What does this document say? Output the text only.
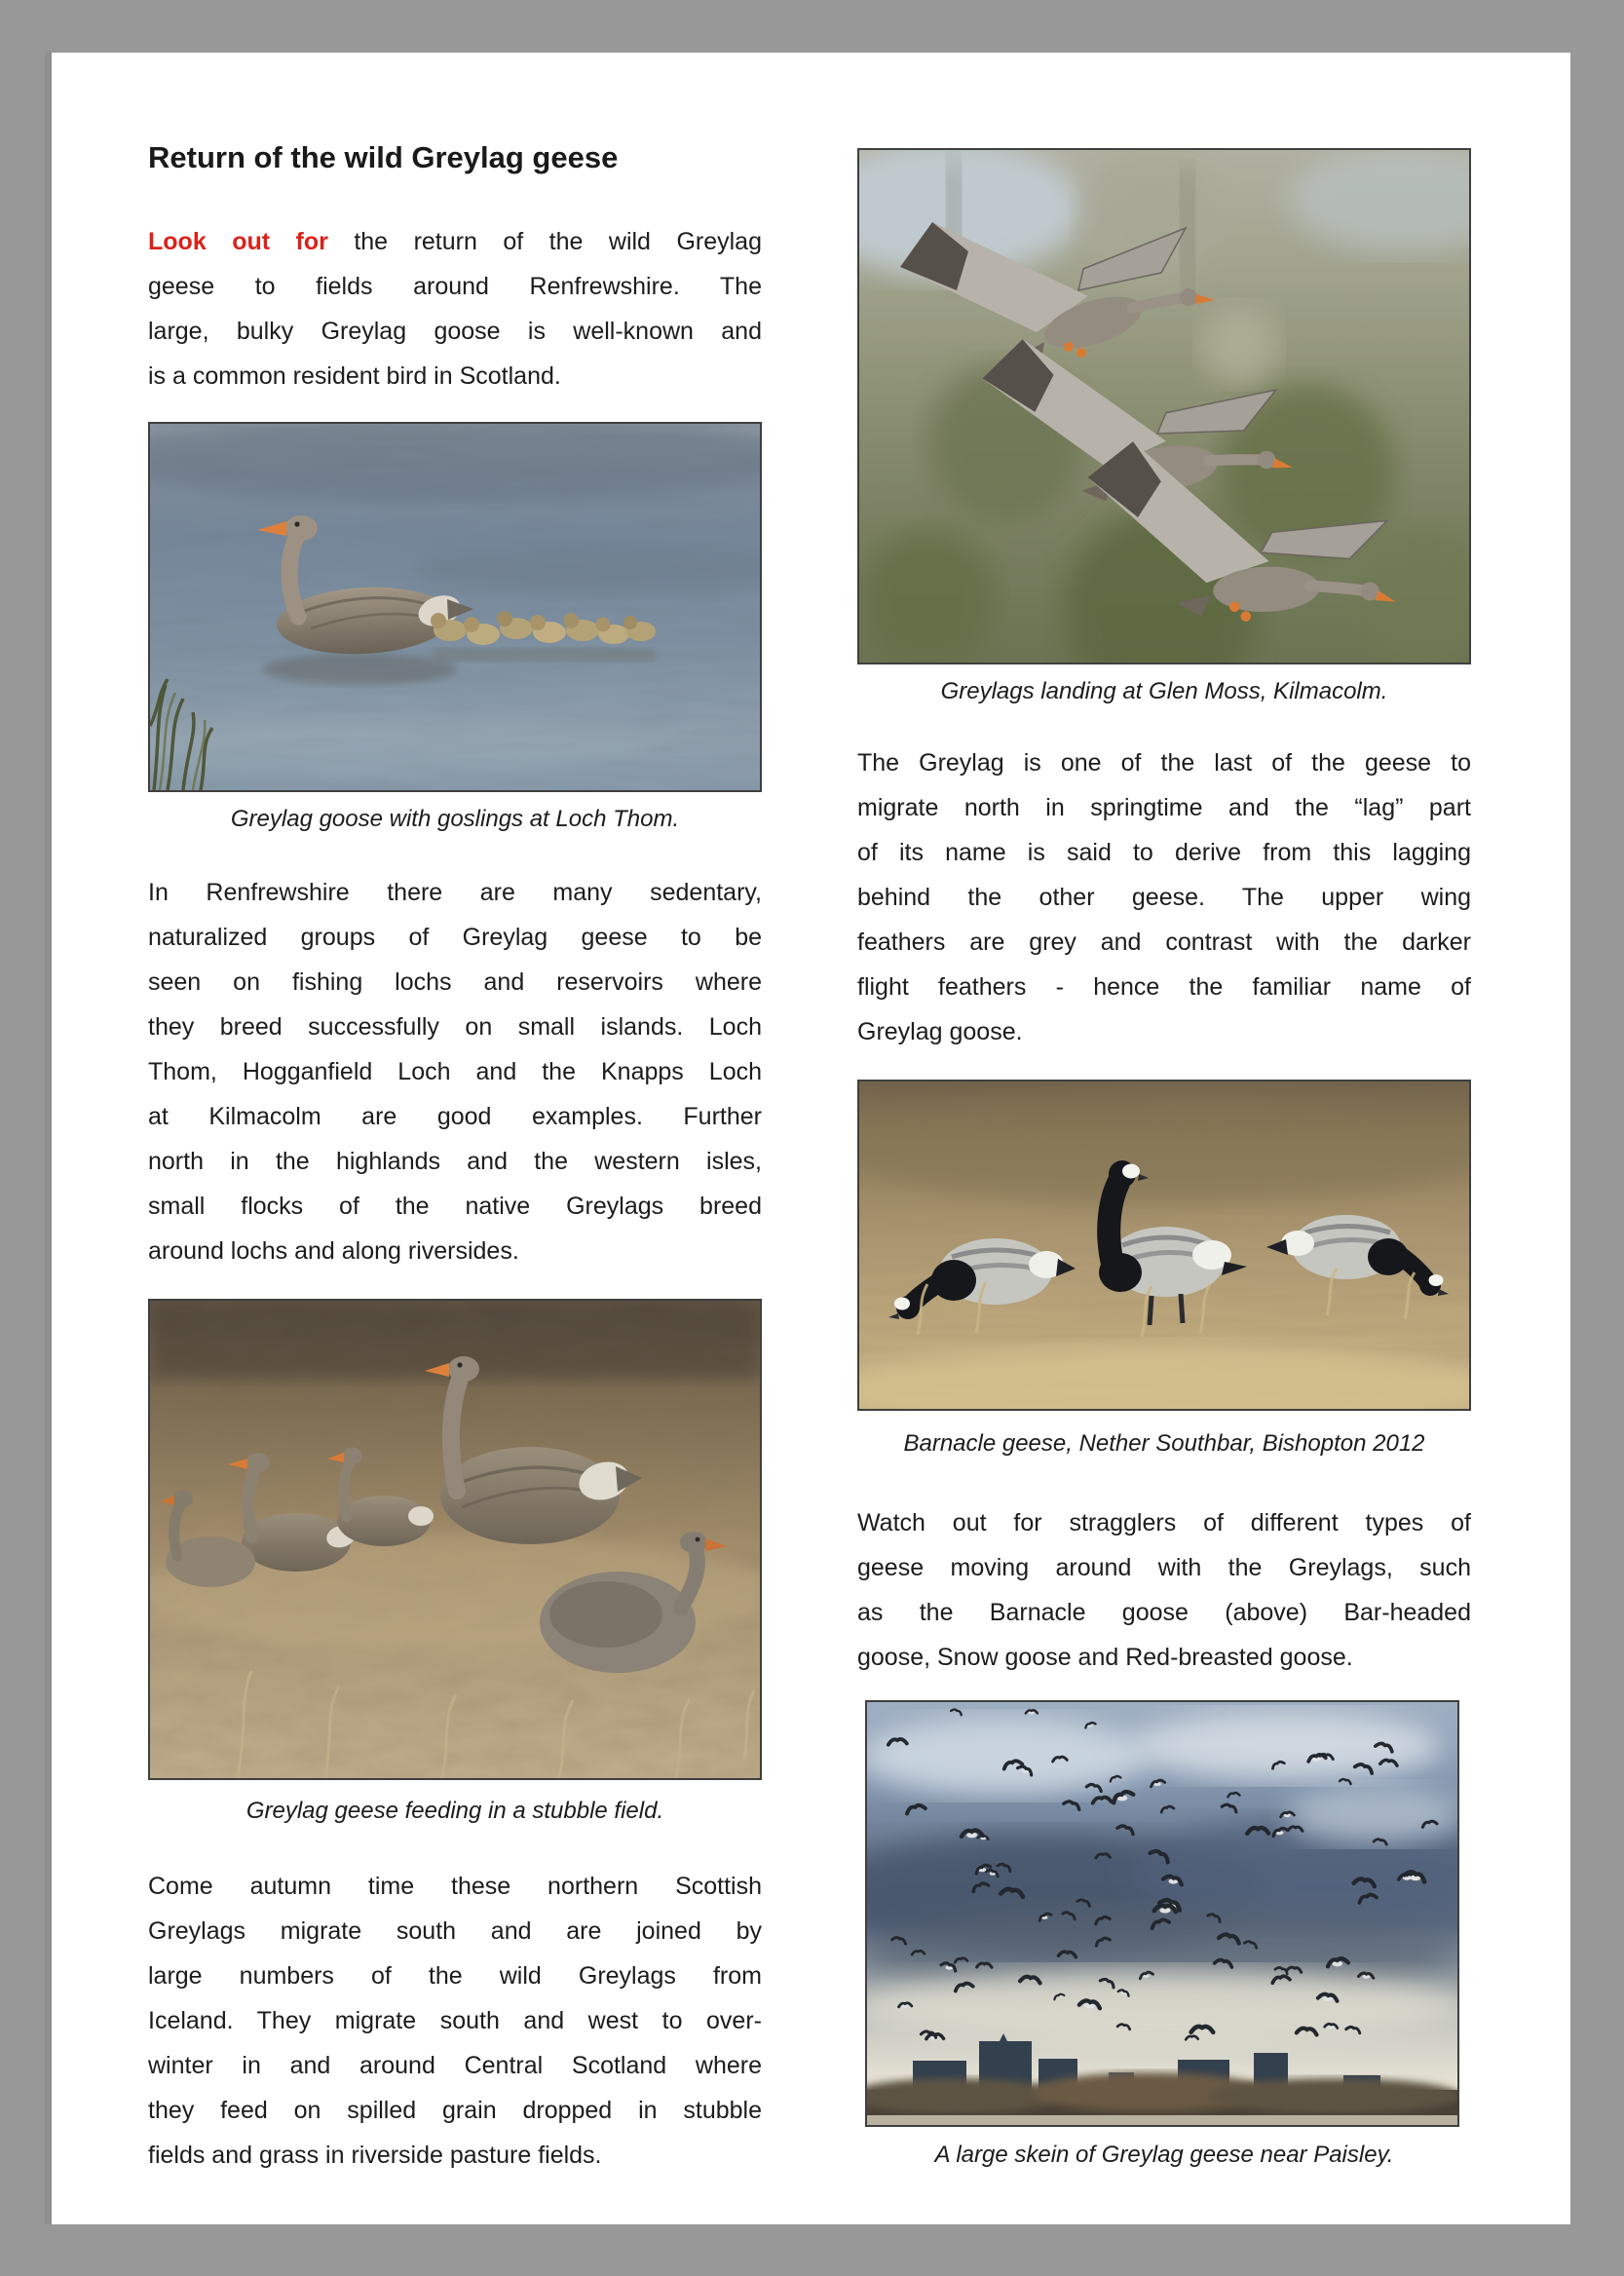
Return of the wild Greylag geese
Look out for the return of the wild Greylag
geese to fields around Renfrewshire. The
large, bulky Greylag goose is well-known and
is a common resident bird in Scotland.
Greylag goose with goslings at Loch Thom.
In Renfrewshire there are many sedentary,
naturalized groups of Greylag geese to be
seen on fishing lochs and reservoirs where
they breed successfully on small islands. Loch
Thom, Hogganfield Loch and the Knapps Loch
at Kilmacolm are good examples. Further
north in the highlands and the western isles,
small flocks of the native Greylags breed
around lochs and along riversides.
Greylag geese feeding in a stubble field.
Come autumn time these northern Scottish
Greylags migrate south and are joined by
large numbers of the wild Greylags from
Iceland. They migrate south and west to over-
winter in and around Central Scotland where
they feed on spilled grain dropped in stubble
fields and grass in riverside pasture fields.
Greylags landing at Glen Moss, Kilmacolm.
The Greylag is one of the last of the geese to
migrate north in springtime and the “lag” part
of its name is said to derive from this lagging
behind the other geese. The upper wing
feathers are grey and contrast with the darker
flight feathers - hence the familiar name of
Greylag goose.
Barnacle geese, Nether Southbar, Bishopton 2012
Watch out for stragglers of different types of
geese moving around with the Greylags, such
as the Barnacle goose (above) Bar-headed
goose, Snow goose and Red-breasted goose.
A large skein of Greylag geese near Paisley.
